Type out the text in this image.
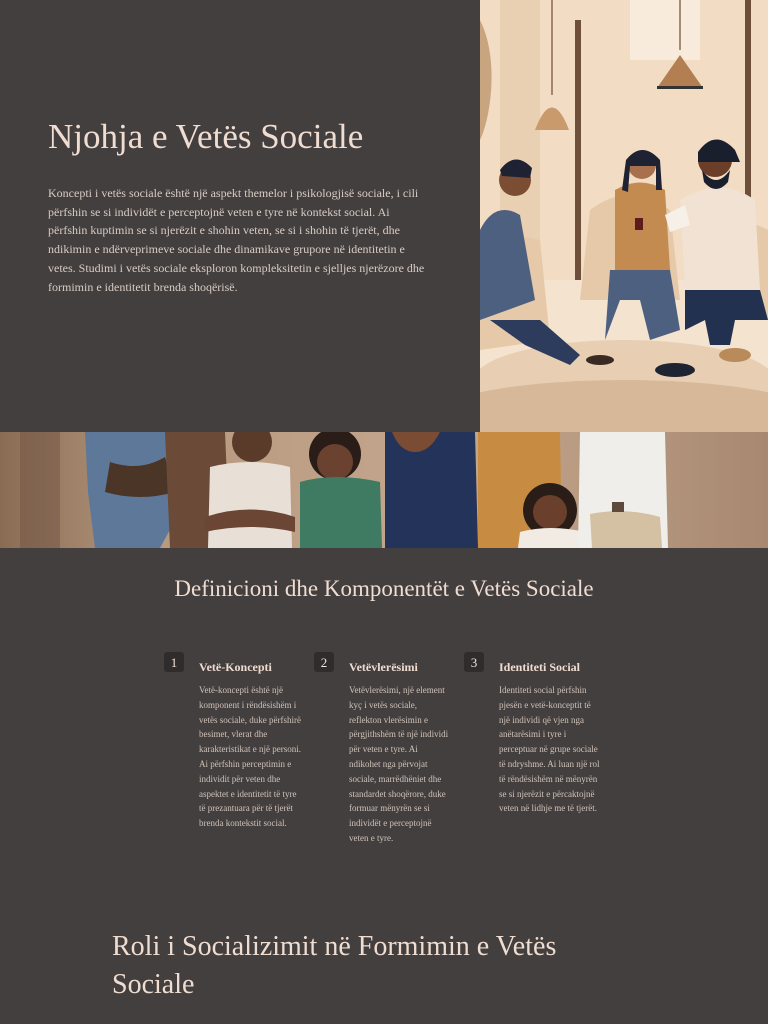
Njohja e Vetës Sociale

Koncepti i vetës sociale është një aspekt themelor i psikologjisë sociale, i cili përfshin se si individët e perceptojnë veten e tyre në kontekst social. Ai përfshin kuptimin se si njerëzit e shohin veten, se si i shohin të tjerët, dhe ndikimin e ndërveprimeve sociale dhe dinamikave grupore në identitetin e vetes. Studimi i vetës sociale eksploron kompleksitetin e sjelljes njerëzore dhe formimin e identitetit brenda shoqërisë.

Definicioni dhe Komponentët e Vetës Sociale
1	Vetë-Koncepti

Vetë-koncepti është një komponent i rëndësishëm i vetës sociale, duke përfshirë besimet, vlerat dhe karakteristikat e një personi. Ai përfshin perceptimin e individit për veten dhe aspektet e identitetit të tyre të prezantuara për të tjerët brenda kontekstit social.

2	Vetëvlerësimi

Vetëvlerësimi, një element kyç i vetës sociale, reflekton vlerësimin e përgjithshëm të një individi për veten e tyre. Ai ndikohet nga përvojat sociale, marrëdhëniet dhe standardet shoqërore, duke formuar mënyrën se si individët e perceptojnë veten e tyre.

3	Identiteti Social

Identiteti social përfshin pjesën e vetë-konceptit të një individi që vjen nga anëtarësimi i tyre i perceptuar në grupe sociale të ndryshme. Ai luan një rol të rëndësishëm në mënyrën se si njerëzit e përcaktojnë veten në lidhje me të tjerët.

Roli i Socializimit në Formimin e Vetës Sociale
